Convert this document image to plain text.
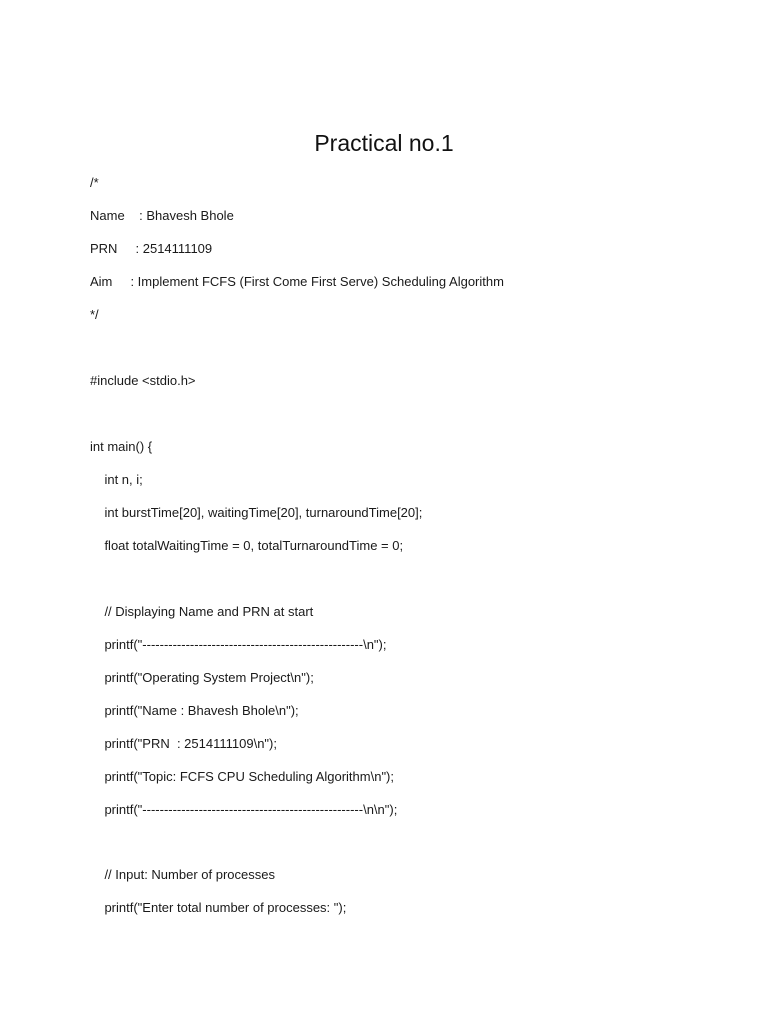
Practical no.1
/*
Name    : Bhavesh Bhole
PRN     : 2514111109
Aim     : Implement FCFS (First Come First Serve) Scheduling Algorithm
*/
#include <stdio.h>
int main() {
int n, i;
int burstTime[20], waitingTime[20], turnaroundTime[20];
float totalWaitingTime = 0, totalTurnaroundTime = 0;
// Displaying Name and PRN at start
printf("---------------------------------------------------\n");
printf("Operating System Project\n");
printf("Name : Bhavesh Bhole\n");
printf("PRN  : 2514111109\n");
printf("Topic: FCFS CPU Scheduling Algorithm\n");
printf("---------------------------------------------------\n\n");
// Input: Number of processes
printf("Enter total number of processes: ");
